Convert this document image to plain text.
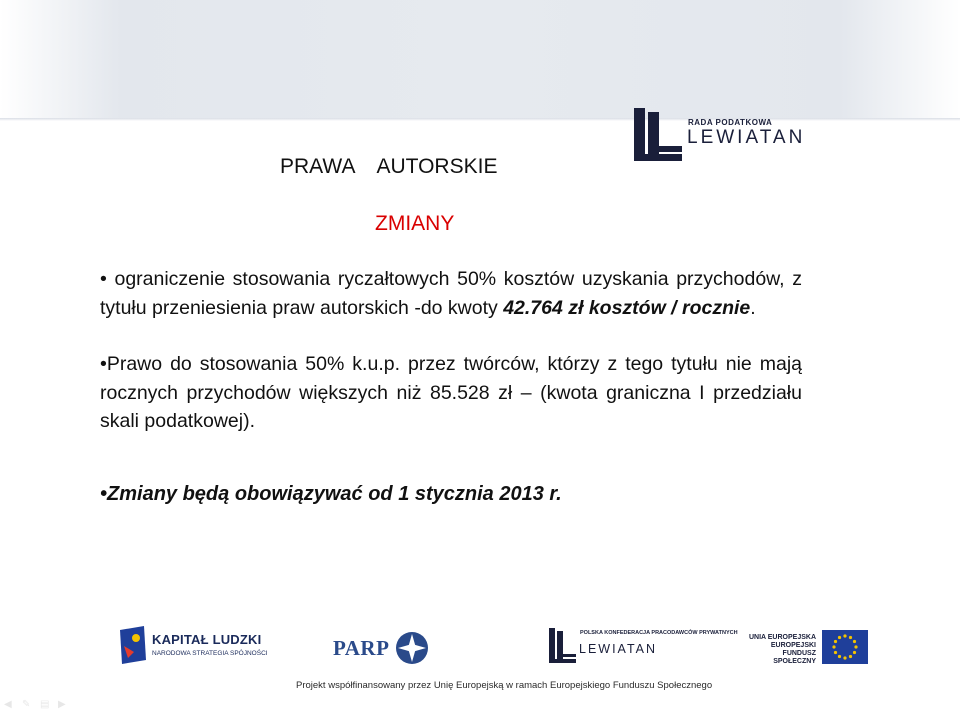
RADA PODATKOWA
LEWIATAN
PRAWA    AUTORSKIE
ZMIANY

• ograniczenie stosowania ryczałtowych 50% kosztów uzyskania przychodów, z tytułu przeniesienia praw autorskich -do kwoty 42.764 zł kosztów / rocznie.

•Prawo do stosowania 50% k.u.p. przez twórców, którzy z tego tytułu nie mają rocznych przychodów większych niż 85.528 zł – (kwota graniczna I przedziału skali podatkowej).

•Zmiany będą obowiązywać od 1 stycznia 2013 r.

KAPITAŁ LUDZKI
NARODOWA STRATEGIA SPÓJNOŚCI	PARP
POLSKA KONFEDERACJA PRACODAWCÓW PRYWATNYCH
LEWIATAN
UNIA EUROPEJSKA EUROPEJSKI FUNDUSZ SPOŁECZNY
Projekt współfinansowany przez Unię Europejską w ramach Europejskiego Funduszu Społecznego
◀ ✎ ▤ ▶
